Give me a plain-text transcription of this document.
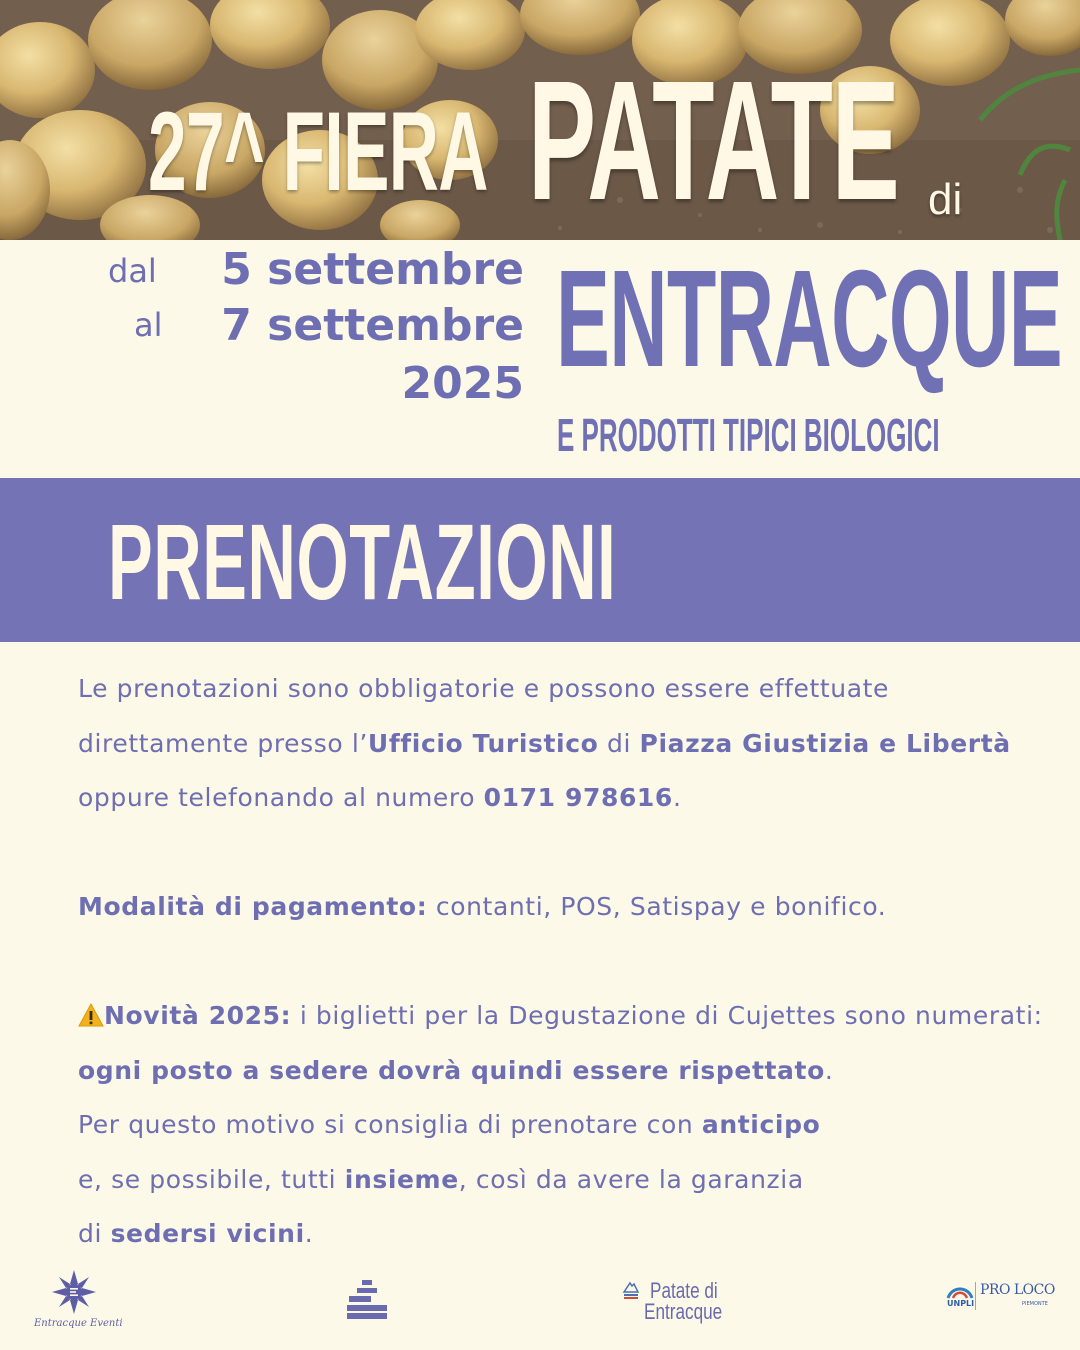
27^ FIERA PATATE di
dal 5 settembre
al 7 settembre
2025 ENTRACQUE
E PRODOTTI TIPICI BIOLOGICI
PRENOTAZIONI

Le prenotazioni sono obbligatorie e possono essere effettuate direttamente presso l’Ufficio Turistico di Piazza Giustizia e Libertà oppure telefonando al numero 0171 978616.

Modalità di pagamento: contanti, POS, Satispay e bonifico.

Novità 2025: i biglietti per la Degustazione di Cujettes sono numerati: ogni posto a sedere dovrà quindi essere rispettato.
Per questo motivo si consiglia di prenotare con anticipo
e, se possibile, tutti insieme, così da avere la garanzia
di sedersi vicini.

Entracque Eventi
Patate di
Entracque	UNPLI
PRO LOCO
PIEMONTE
